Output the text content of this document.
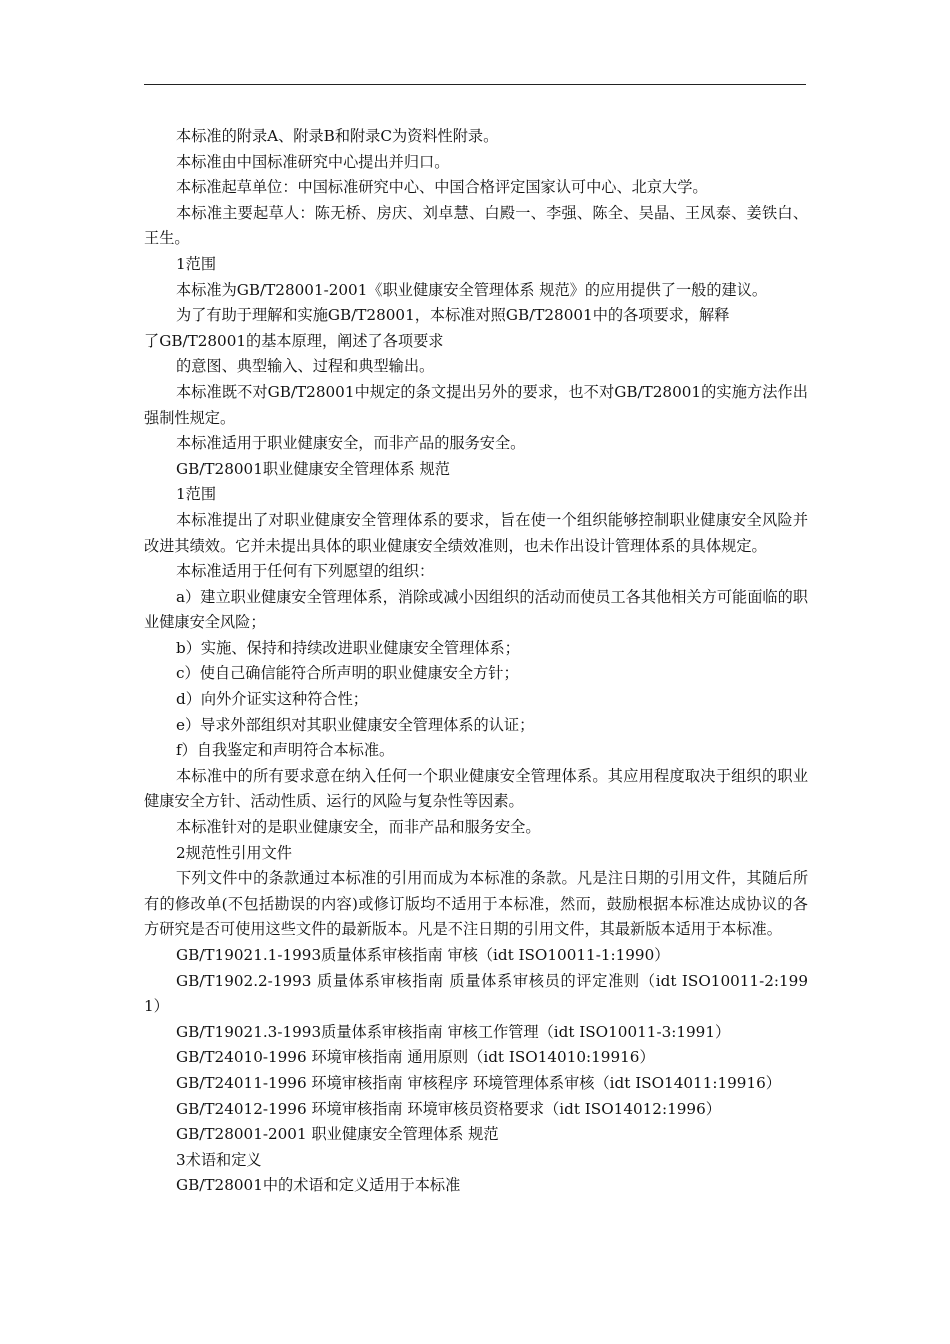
本标准的附录A、附录B和附录C为资料性附录。

本标准由中国标准研究中心提出并归口。

本标准起草单位：中国标准研究中心、中国合格评定国家认可中心、北京大学。

本标准主要起草人：陈无桥、房庆、刘卓慧、白殿一、李强、陈全、吴晶、王凤泰、姜铁白、王生。

1范围

本标准为GB/T28001-2001《职业健康安全管理体系 规范》的应用提供了一般的建议。

为了有助于理解和实施GB/T28001，本标准对照GB/T28001中的各项要求，解释

了GB/T28001的基本原理，阐述了各项要求

的意图、典型输入、过程和典型输出。

本标准既不对GB/T28001中规定的条文提出另外的要求，也不对GB/T28001的实施方法作出强制性规定。

本标准适用于职业健康安全，而非产品的服务安全。

GB/T28001职业健康安全管理体系 规范

1范围

本标准提出了对职业健康安全管理体系的要求，旨在使一个组织能够控制职业健康安全风险并改进其绩效。它并未提出具体的职业健康安全绩效准则，也未作出设计管理体系的具体规定。

本标准适用于任何有下列愿望的组织：

a）建立职业健康安全管理体系，消除或减小因组织的活动而使员工各其他相关方可能面临的职业健康安全风险；

b）实施、保持和持续改进职业健康安全管理体系；

c）使自己确信能符合所声明的职业健康安全方针；

d）向外介证实这种符合性；

e）导求外部组织对其职业健康安全管理体系的认证；

f）自我鉴定和声明符合本标准。

本标准中的所有要求意在纳入任何一个职业健康安全管理体系。其应用程度取决于组织的职业健康安全方针、活动性质、运行的风险与复杂性等因素。

本标准针对的是职业健康安全，而非产品和服务安全。

2规范性引用文件

下列文件中的条款通过本标准的引用而成为本标准的条款。凡是注日期的引用文件，其随后所有的修改单(不包括勘误的内容)或修订版均不适用于本标准，然而，鼓励根据本标准达成协议的各方研究是否可使用这些文件的最新版本。凡是不注日期的引用文件，其最新版本适用于本标准。

GB/T19021.1-1993质量体系审核指南 审核（idt ISO10011-1:1990）

GB/T1902.2-1993 质量体系审核指南 质量体系审核员的评定准则（idt ISO10011-2:1991）

GB/T19021.3-1993质量体系审核指南 审核工作管理（idt ISO10011-3:1991）

GB/T24010-1996 环境审核指南 通用原则（idt ISO14010:19916）

GB/T24011-1996 环境审核指南 审核程序 环境管理体系审核（idt ISO14011:19916）

GB/T24012-1996 环境审核指南 环境审核员资格要求（idt ISO14012:1996）

GB/T28001-2001 职业健康安全管理体系 规范

3术语和定义

GB/T28001中的术语和定义适用于本标准
